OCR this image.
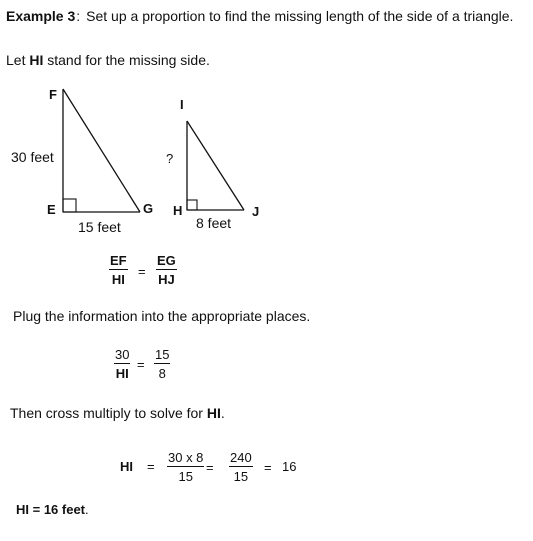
Example 3: Set up a proportion to find the missing length of the side of a triangle.
Let HI stand for the missing side.
F
30 feet
E	G
15 feet
I
?
H	J
8 feet
EF
HI
=
EG
HJ
Plug the information into the appropriate places.
30
HI
=
15
8
Then cross multiply to solve for HI.
HI =
30 x 8
15
=
240
15
= 16
HI = 16 feet.
